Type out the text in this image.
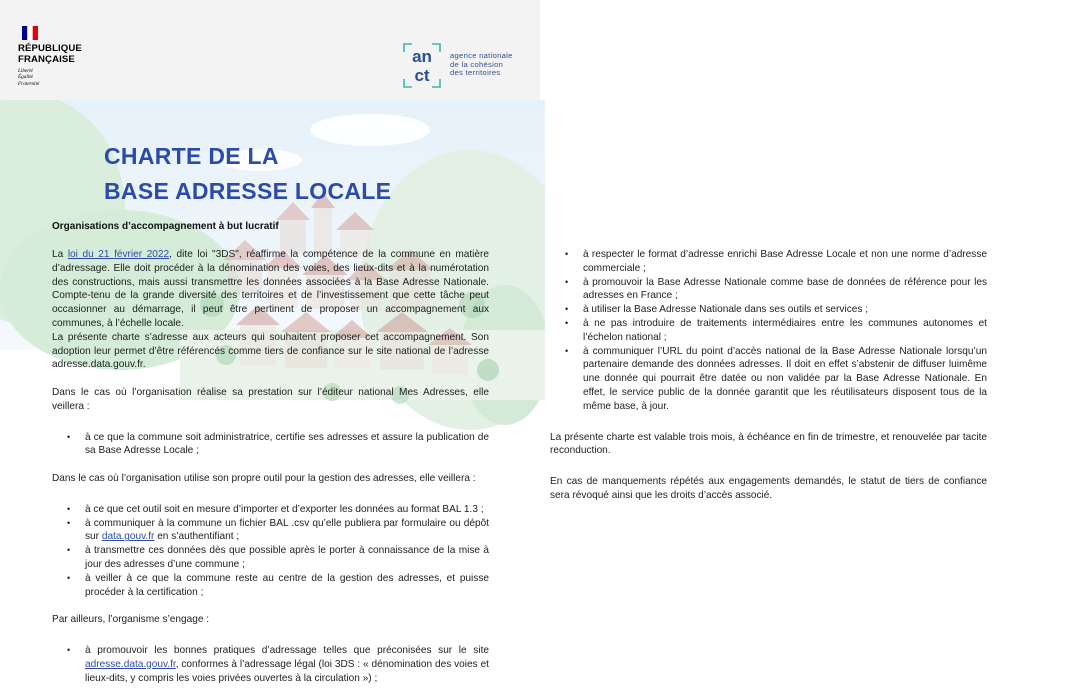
RÉPUBLIQUE
FRANÇAISE
Liberté
Égalité
Fraternité
an
ct
agence nationale
de la cohésion
des territoires
CHARTE DE LA
BASE ADRESSE LOCALE
Organisations d’accompagnement à but lucratif

La loi du 21 février 2022, dite loi "3DS", réaffirme la compétence de la commune en matière d’adressage. Elle doit procéder à la dénomination des voies, des lieux-dits et à la numérotation des constructions, mais aussi transmettre les données associées à la Base Adresse Nationale. Compte-tenu de la grande diversité des territoires et de l’investissement que cette tâche peut occasionner au démarrage, il peut être pertinent de proposer un accompagnement aux communes, à l’échelle locale.

La présente charte s’adresse aux acteurs qui souhaitent proposer cet accompagnement. Son adoption leur permet d’être référencés comme tiers de confiance sur le site national de l’adresse adresse.data.gouv.fr.

Dans le cas où l’organisation réalise sa prestation sur l’éditeur national Mes Adresses, elle veillera :

• à ce que la commune soit administratrice, certifie ses adresses et assure la publication de sa Base Adresse Locale ;

Dans le cas où l’organisation utilise son propre outil pour la gestion des adresses, elle veillera :

• à ce que cet outil soit en mesure d’importer et d’exporter les données au format BAL 1.3 ;
• à communiquer à la commune un fichier BAL .csv qu’elle publiera par formulaire ou dépôt sur data.gouv.fr en s’authentifiant ;
• à transmettre ces données dès que possible après le porter à connaissance de la mise à jour des adresses d’une commune ;
• à veiller à ce que la commune reste au centre de la gestion des adresses, et puisse procéder à la certification ;

Par ailleurs, l’organisme s’engage :

• à promouvoir les bonnes pratiques d’adressage telles que préconisées sur le site adresse.data.gouv.fr, conformes à l’adressage légal (loi 3DS : « dénomination des voies et lieux-dits, y compris les voies privées ouvertes à la circulation ») ;
• à respecter le format d’adresse enrichi Base Adresse Locale et non une norme d’adresse commerciale ;
• à promouvoir la Base Adresse Nationale comme base de données de référence pour les adresses en France ;
• à utiliser la Base Adresse Nationale dans ses outils et services ;
• à ne pas introduire de traitements intermédiaires entre les communes autonomes et l’échelon national ;
• à communiquer l’URL du point d’accès national de la Base Adresse Nationale lorsqu’un partenaire demande des données adresses. Il doit en effet s’abstenir de diffuser luimême une donnée qui pourrait être datée ou non validée par la Base Adresse Nationale. En effet, le service public de la donnée garantit que les réutilisateurs disposent tous de la même base, à jour.

La présente charte est valable trois mois, à échéance en fin de trimestre, et renouvelée par tacite reconduction.

En cas de manquements répétés aux engagements demandés, le statut de tiers de confiance sera révoqué ainsi que les droits d’accès associé.
